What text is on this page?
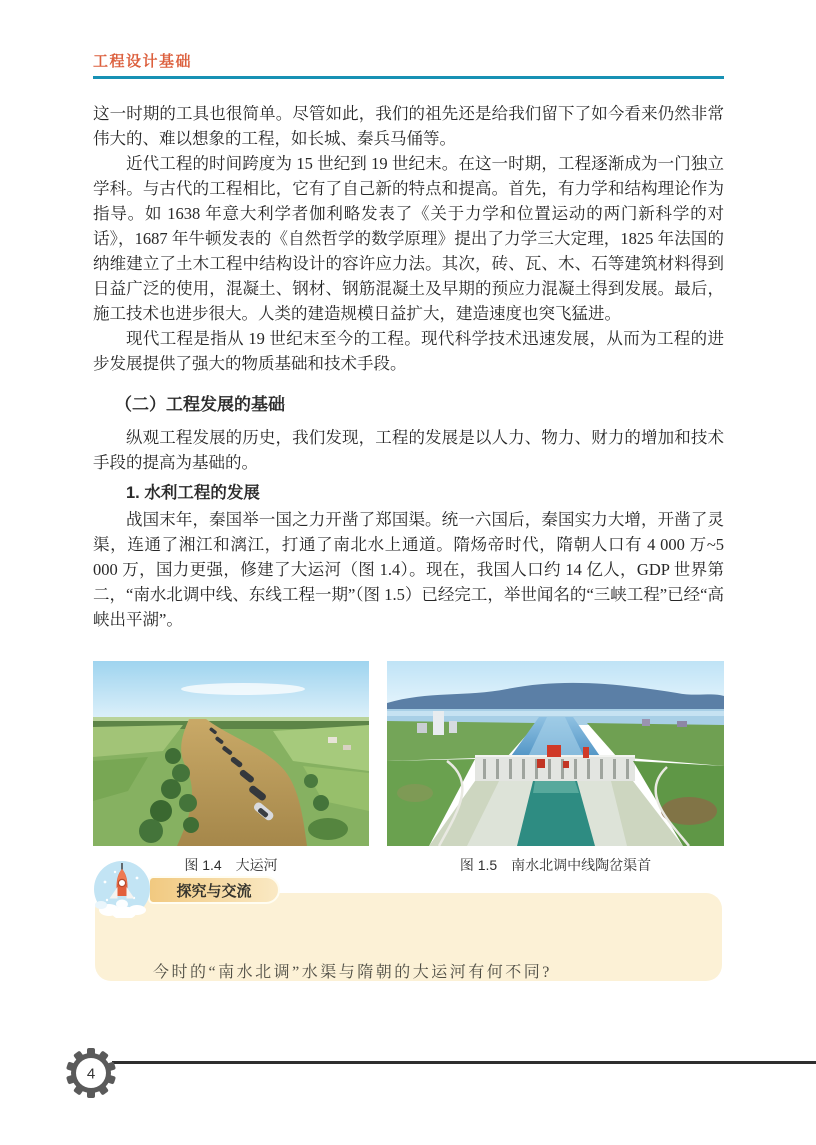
工程设计基础

这一时期的工具也很简单。尽管如此，我们的祖先还是给我们留下了如今看来仍然非常伟大的、难以想象的工程，如长城、秦兵马俑等。

近代工程的时间跨度为 15 世纪到 19 世纪末。在这一时期，工程逐渐成为一门独立学科。与古代的工程相比，它有了自己新的特点和提高。首先，有力学和结构理论作为指导。如 1638 年意大利学者伽利略发表了《关于力学和位置运动的两门新科学的对话》，1687 年牛顿发表的《自然哲学的数学原理》提出了力学三大定理，1825 年法国的纳维建立了土木工程中结构设计的容许应力法。其次，砖、瓦、木、石等建筑材料得到日益广泛的使用，混凝土、钢材、钢筋混凝土及早期的预应力混凝土得到发展。最后，施工技术也进步很大。人类的建造规模日益扩大，建造速度也突飞猛进。

现代工程是指从 19 世纪末至今的工程。现代科学技术迅速发展，从而为工程的进步发展提供了强大的物质基础和技术手段。

（二）工程发展的基础

纵观工程发展的历史，我们发现，工程的发展是以人力、物力、财力的增加和技术手段的提高为基础的。

1. 水利工程的发展

战国末年，秦国举一国之力开凿了郑国渠。统一六国后，秦国实力大增，开凿了灵渠，连通了湘江和漓江，打通了南北水上通道。隋炀帝时代，隋朝人口有 4 000 万~5 000 万，国力更强，修建了大运河（图 1.4）。现在，我国人口约 14 亿人，GDP 世界第二，“南水北调中线、东线工程一期”（图 1.5）已经完工，举世闻名的“三峡工程”已经“高峡出平湖”。

图 1.4　大运河	图 1.5　南水北调中线陶岔渠首

今时的“南水北调”水渠与隋朝的大运河有何不同?

探究与交流
4
